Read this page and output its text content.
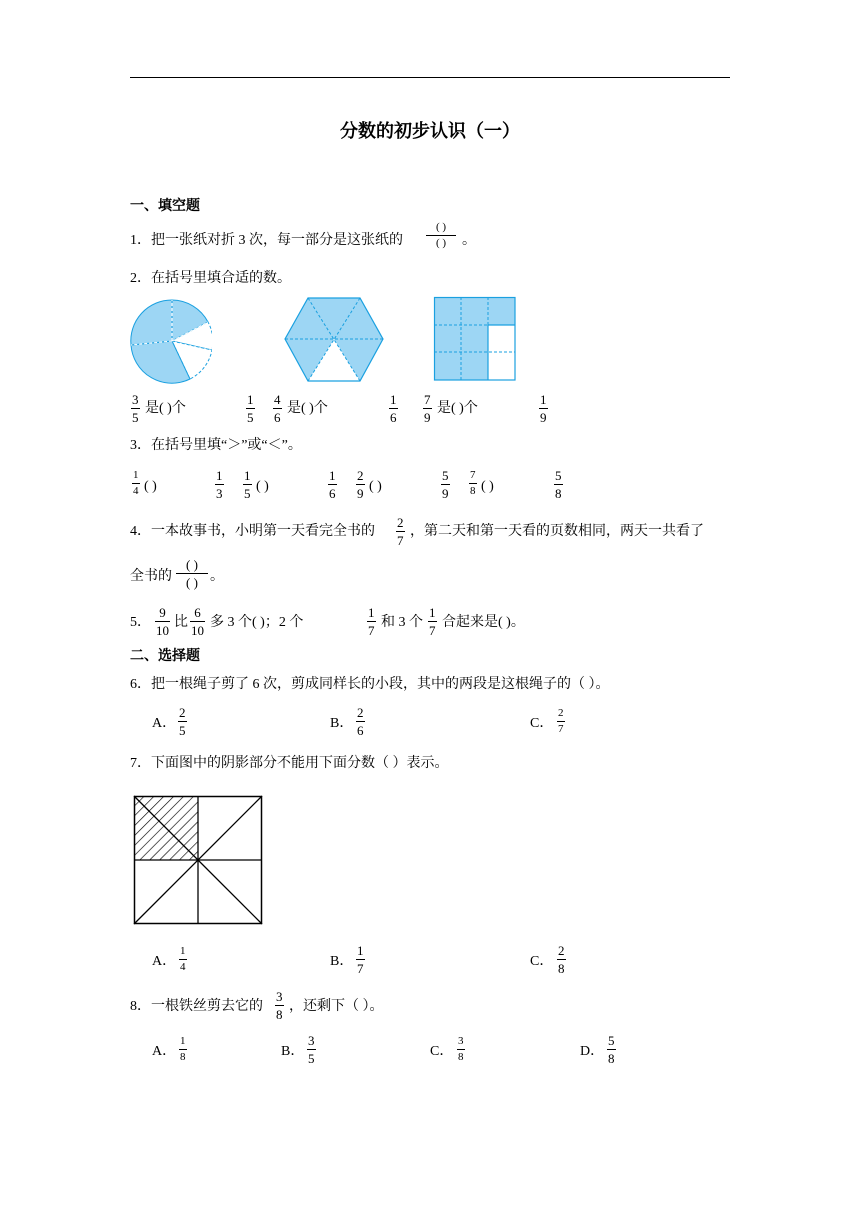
分数的初步认识（一）
一、填空题
1．把一张纸对折 3 次，每一部分是这张纸的
( )
( )	。
2．在括号里填合适的数。
$\frac{3}{5}$ 是( )个	$\frac{1}{5} \frac{4}{6}$ 是( )个	$\frac{1}{6} \frac{7}{9}$ 是( )个	$\frac{1}{9}$
3．在括号里填“＞”或“＜”。
$\frac{1}{4}$ ( )	$\frac{1}{3} \frac{1}{5}$ ( )	$\frac{1}{6} \frac{2}{9}$ ( )	$\frac{5}{9} \frac{7}{8}$ ( )	$\frac{5}{8}$
4．一本故事书，小明第一天看完全书的 $\frac{2}{7}$ ，第二天和第一天看的页数相同，两天一共看了
全书的
( )
( ) 。
5． $\frac{9}{10}$ 比 $\frac{6}{10}$ 多 3 个( )；2 个	$\frac{1}{7}$ 和 3 个 $\frac{1}{7}$ 合起来是( )。
二、选择题
6．把一根绳子剪了 6 次，剪成同样长的小段，其中的两段是这根绳子的（ ）。
A． $\frac{2}{5}$	B． $\frac{2}{6}$	C． $\frac{2}{7}$
7．下面图中的阴影部分不能用下面分数（ ）表示。
A． $\frac{1}{4}$	B． $\frac{1}{7}$	C． $\frac{2}{8}$
8．一根铁丝剪去它的 $\frac{3}{8}$ ，还剩下（ ）。
A． $\frac{1}{8}$	B． $\frac{3}{5}$	C． $\frac{3}{8}$	D． $\frac{5}{8}$
